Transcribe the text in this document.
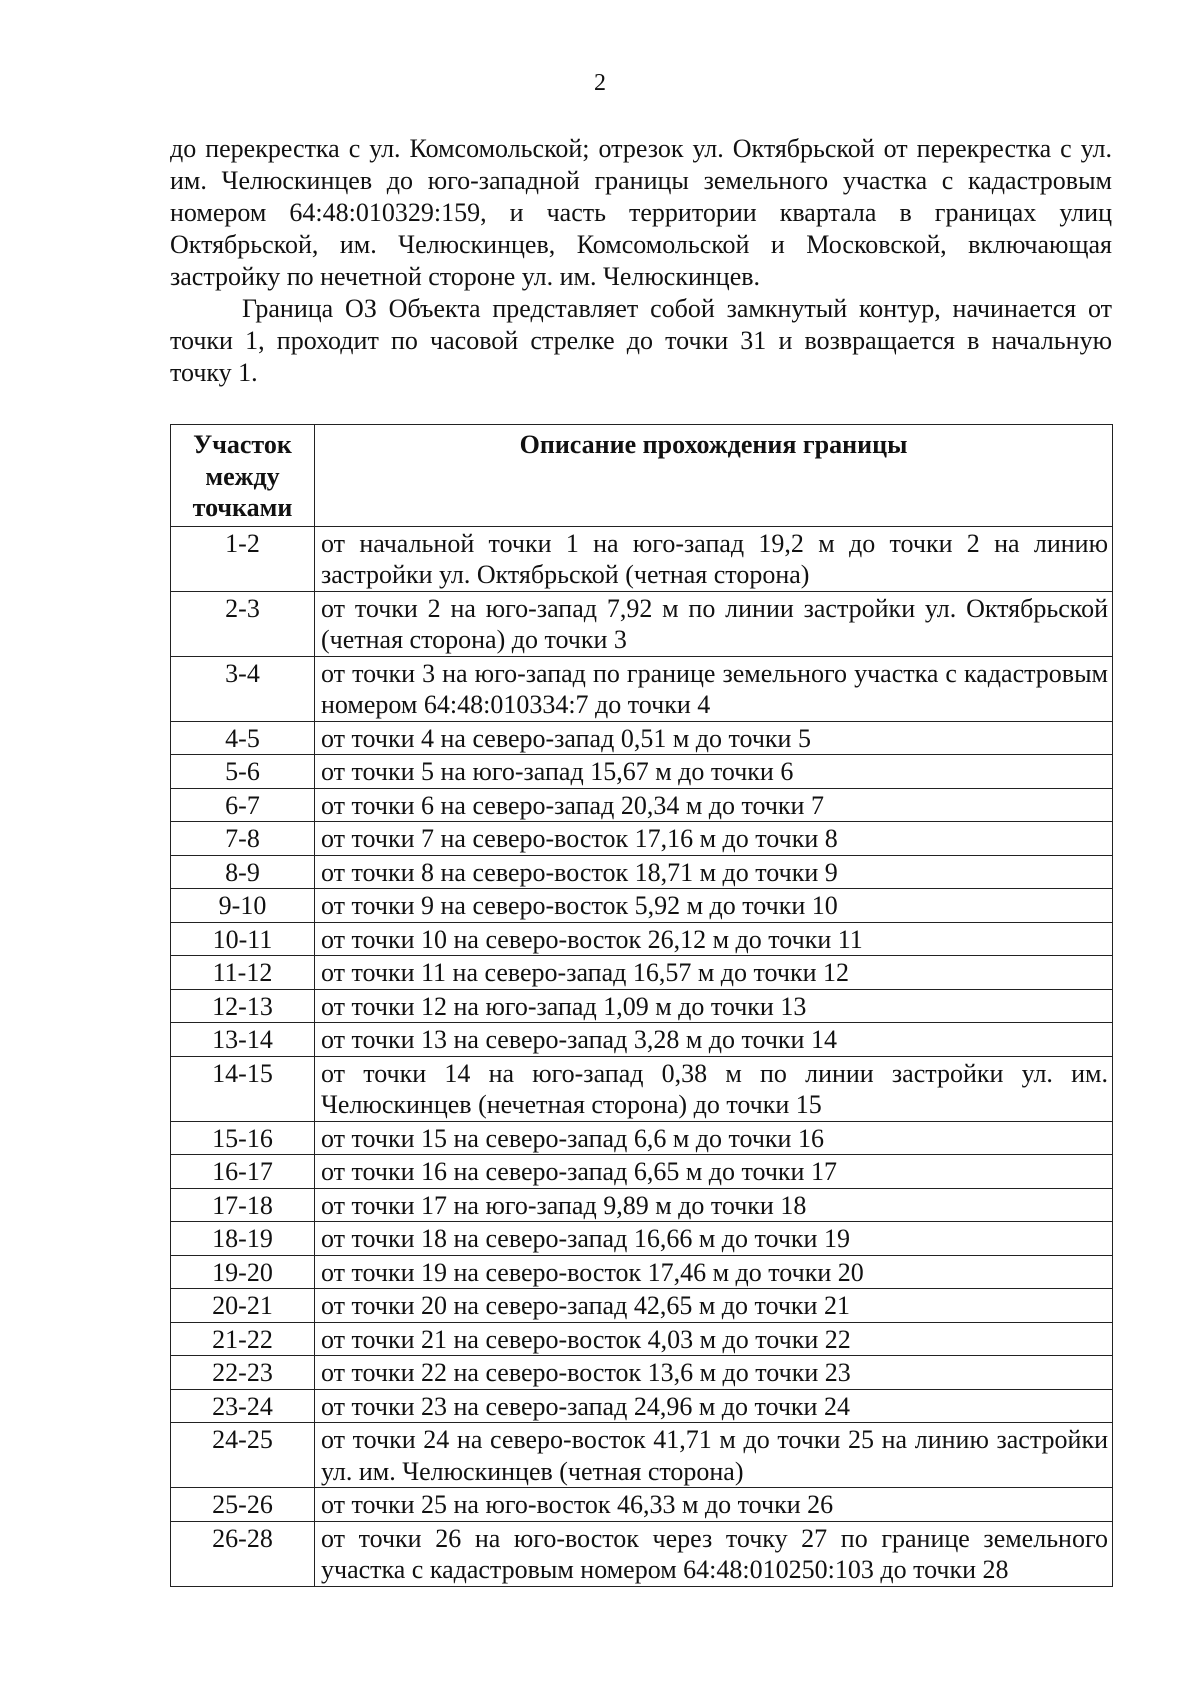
2

до перекрестка с ул. Комсомольской; отрезок ул. Октябрьской от перекрестка с ул. им. Челюскинцев до юго-западной границы земельного участка с кадастровым номером 64:48:010329:159, и часть территории квартала в границах улиц Октябрьской, им. Челюскинцев, Комсомольской и Московской, включающая застройку по нечетной стороне ул. им. Челюскинцев.

Граница ОЗ Объекта представляет собой замкнутый контур, начинается от точки 1, проходит по часовой стрелке до точки 31 и возвращается в начальную точку 1.

Участок между точками	Описание прохождения границы
1-2	от начальной точки 1 на юго-запад 19,2 м до точки 2 на линию застройки ул. Октябрьской (четная сторона)
2-3	от точки 2 на юго-запад 7,92 м по линии застройки ул. Октябрьской (четная сторона) до точки 3
3-4	от точки 3 на юго-запад по границе земельного участка с кадастровым номером 64:48:010334:7 до точки 4
4-5	от точки 4 на северо-запад 0,51 м до точки 5
5-6	от точки 5 на юго-запад 15,67 м до точки 6
6-7	от точки 6 на северо-запад 20,34 м до точки 7
7-8	от точки 7 на северо-восток 17,16 м до точки 8
8-9	от точки 8 на северо-восток 18,71 м до точки 9
9-10	от точки 9 на северо-восток 5,92 м до точки 10
10-11	от точки 10 на северо-восток 26,12 м до точки 11
11-12	от точки 11 на северо-запад 16,57 м до точки 12
12-13	от точки 12 на юго-запад 1,09 м до точки 13
13-14	от точки 13 на северо-запад 3,28 м до точки 14
14-15	от точки 14 на юго-запад 0,38 м по линии застройки ул. им. Челюскинцев (нечетная сторона) до точки 15
15-16	от точки 15 на северо-запад 6,6 м до точки 16
16-17	от точки 16 на северо-запад 6,65 м до точки 17
17-18	от точки 17 на юго-запад 9,89 м до точки 18
18-19	от точки 18 на северо-запад 16,66 м до точки 19
19-20	от точки 19 на северо-восток 17,46 м до точки 20
20-21	от точки 20 на северо-запад 42,65 м до точки 21
21-22	от точки 21 на северо-восток 4,03 м до точки 22
22-23	от точки 22 на северо-восток 13,6 м до точки 23
23-24	от точки 23 на северо-запад 24,96 м до точки 24
24-25	от точки 24 на северо-восток 41,71 м до точки 25 на линию застройки ул. им. Челюскинцев (четная сторона)
25-26	от точки 25 на юго-восток 46,33 м до точки 26
26-28	от точки 26 на юго-восток через точку 27 по границе земельного участка с кадастровым номером 64:48:010250:103 до точки 28
